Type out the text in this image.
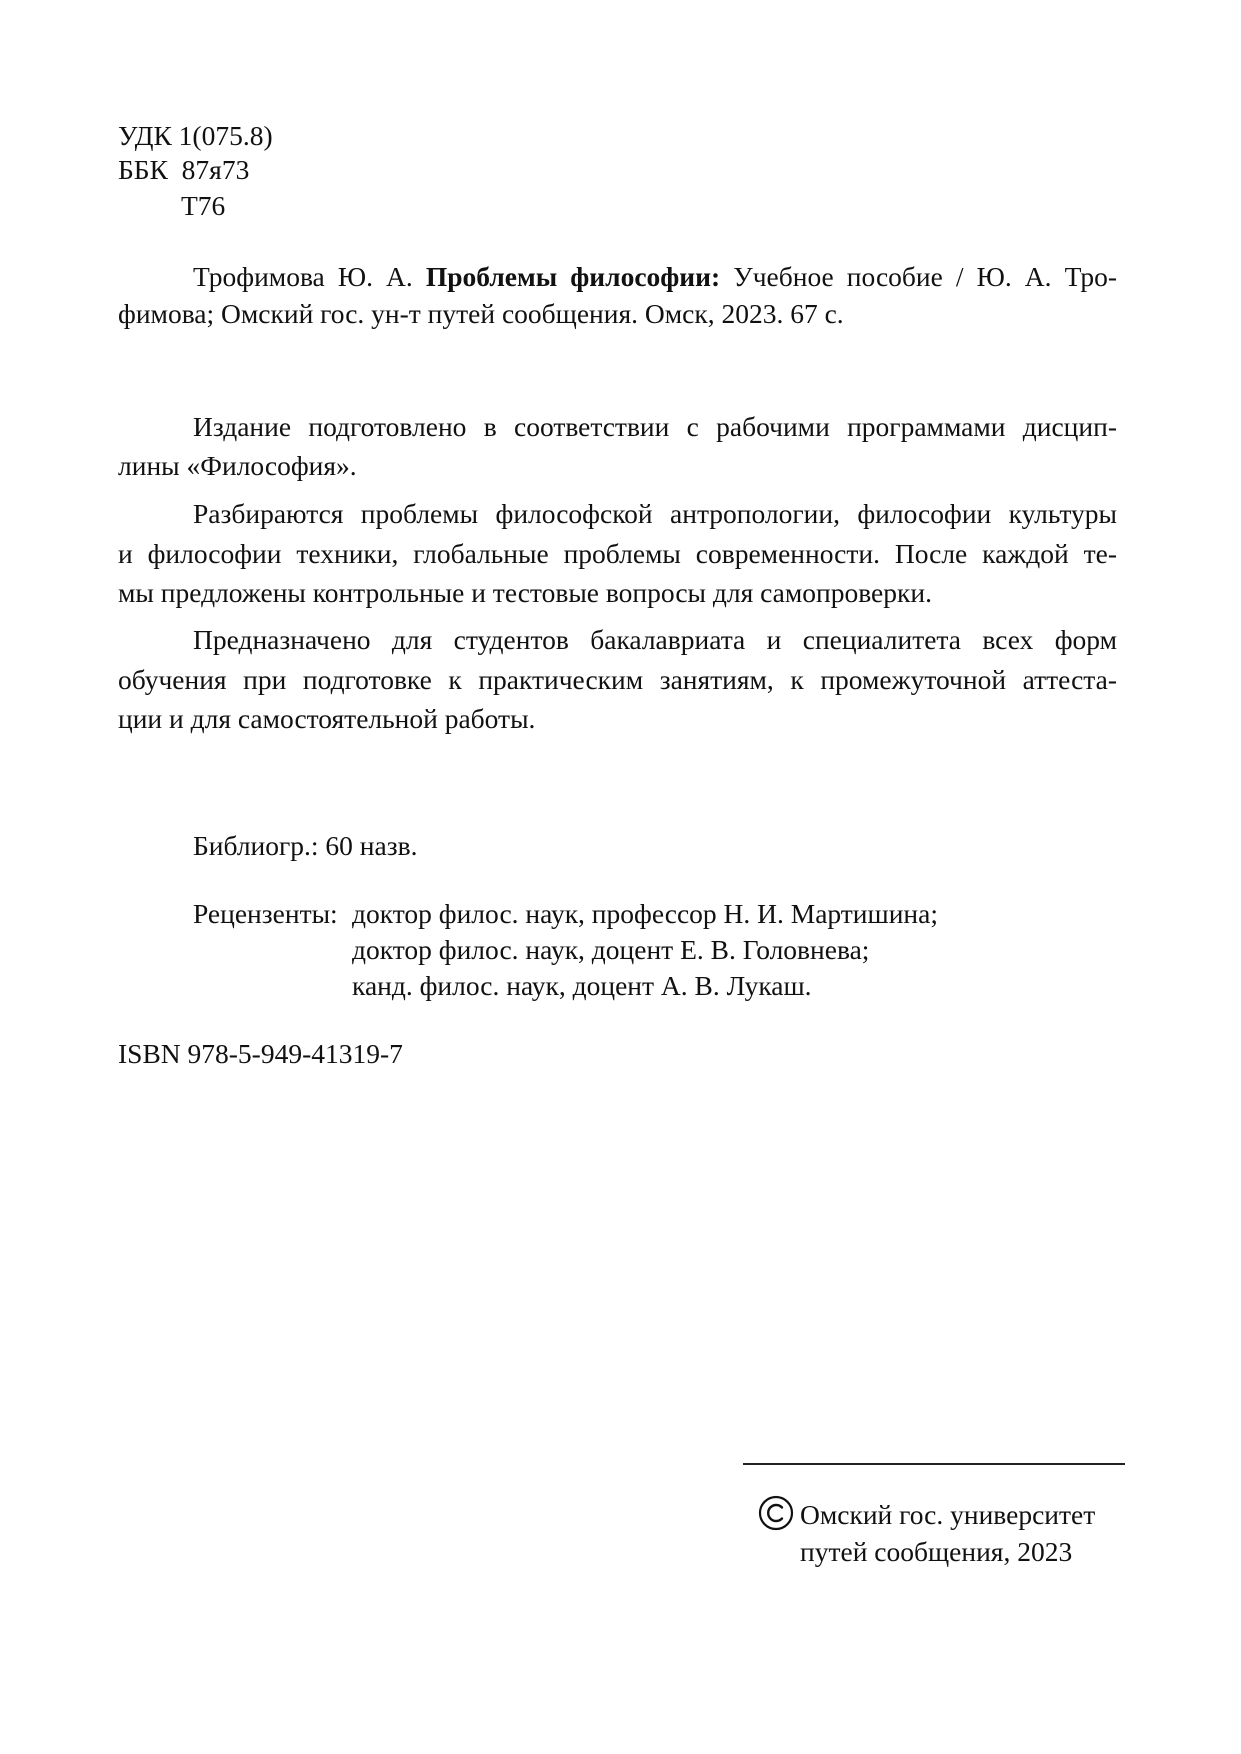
УДК 1(075.8)
ББК  87я73
Т76
Трофимова Ю. А. Проблемы философии: Учебное пособие / Ю. А. Тро-
фимова; Омский гос. ун-т путей сообщения. Омск, 2023. 67 с.
Издание подготовлено в соответствии с рабочими программами дисцип-
лины «Философия».
Разбираются проблемы философской антропологии, философии культуры
и философии техники, глобальные проблемы современности. После каждой те-
мы предложены контрольные и тестовые вопросы для самопроверки.
Предназначено для студентов бакалавриата и специалитета всех форм
обучения при подготовке к практическим занятиям, к промежуточной аттеста-
ции и для самостоятельной работы.
Библиогр.: 60 назв.
Рецензенты: доктор филос. наук, профессор Н. И. Мартишина;
доктор филос. наук, доцент Е. В. Головнева;
канд. филос. наук, доцент А. В. Лукаш.
ISBN 978-5-949-41319-7
Омский гос. университет
путей сообщения, 2023
